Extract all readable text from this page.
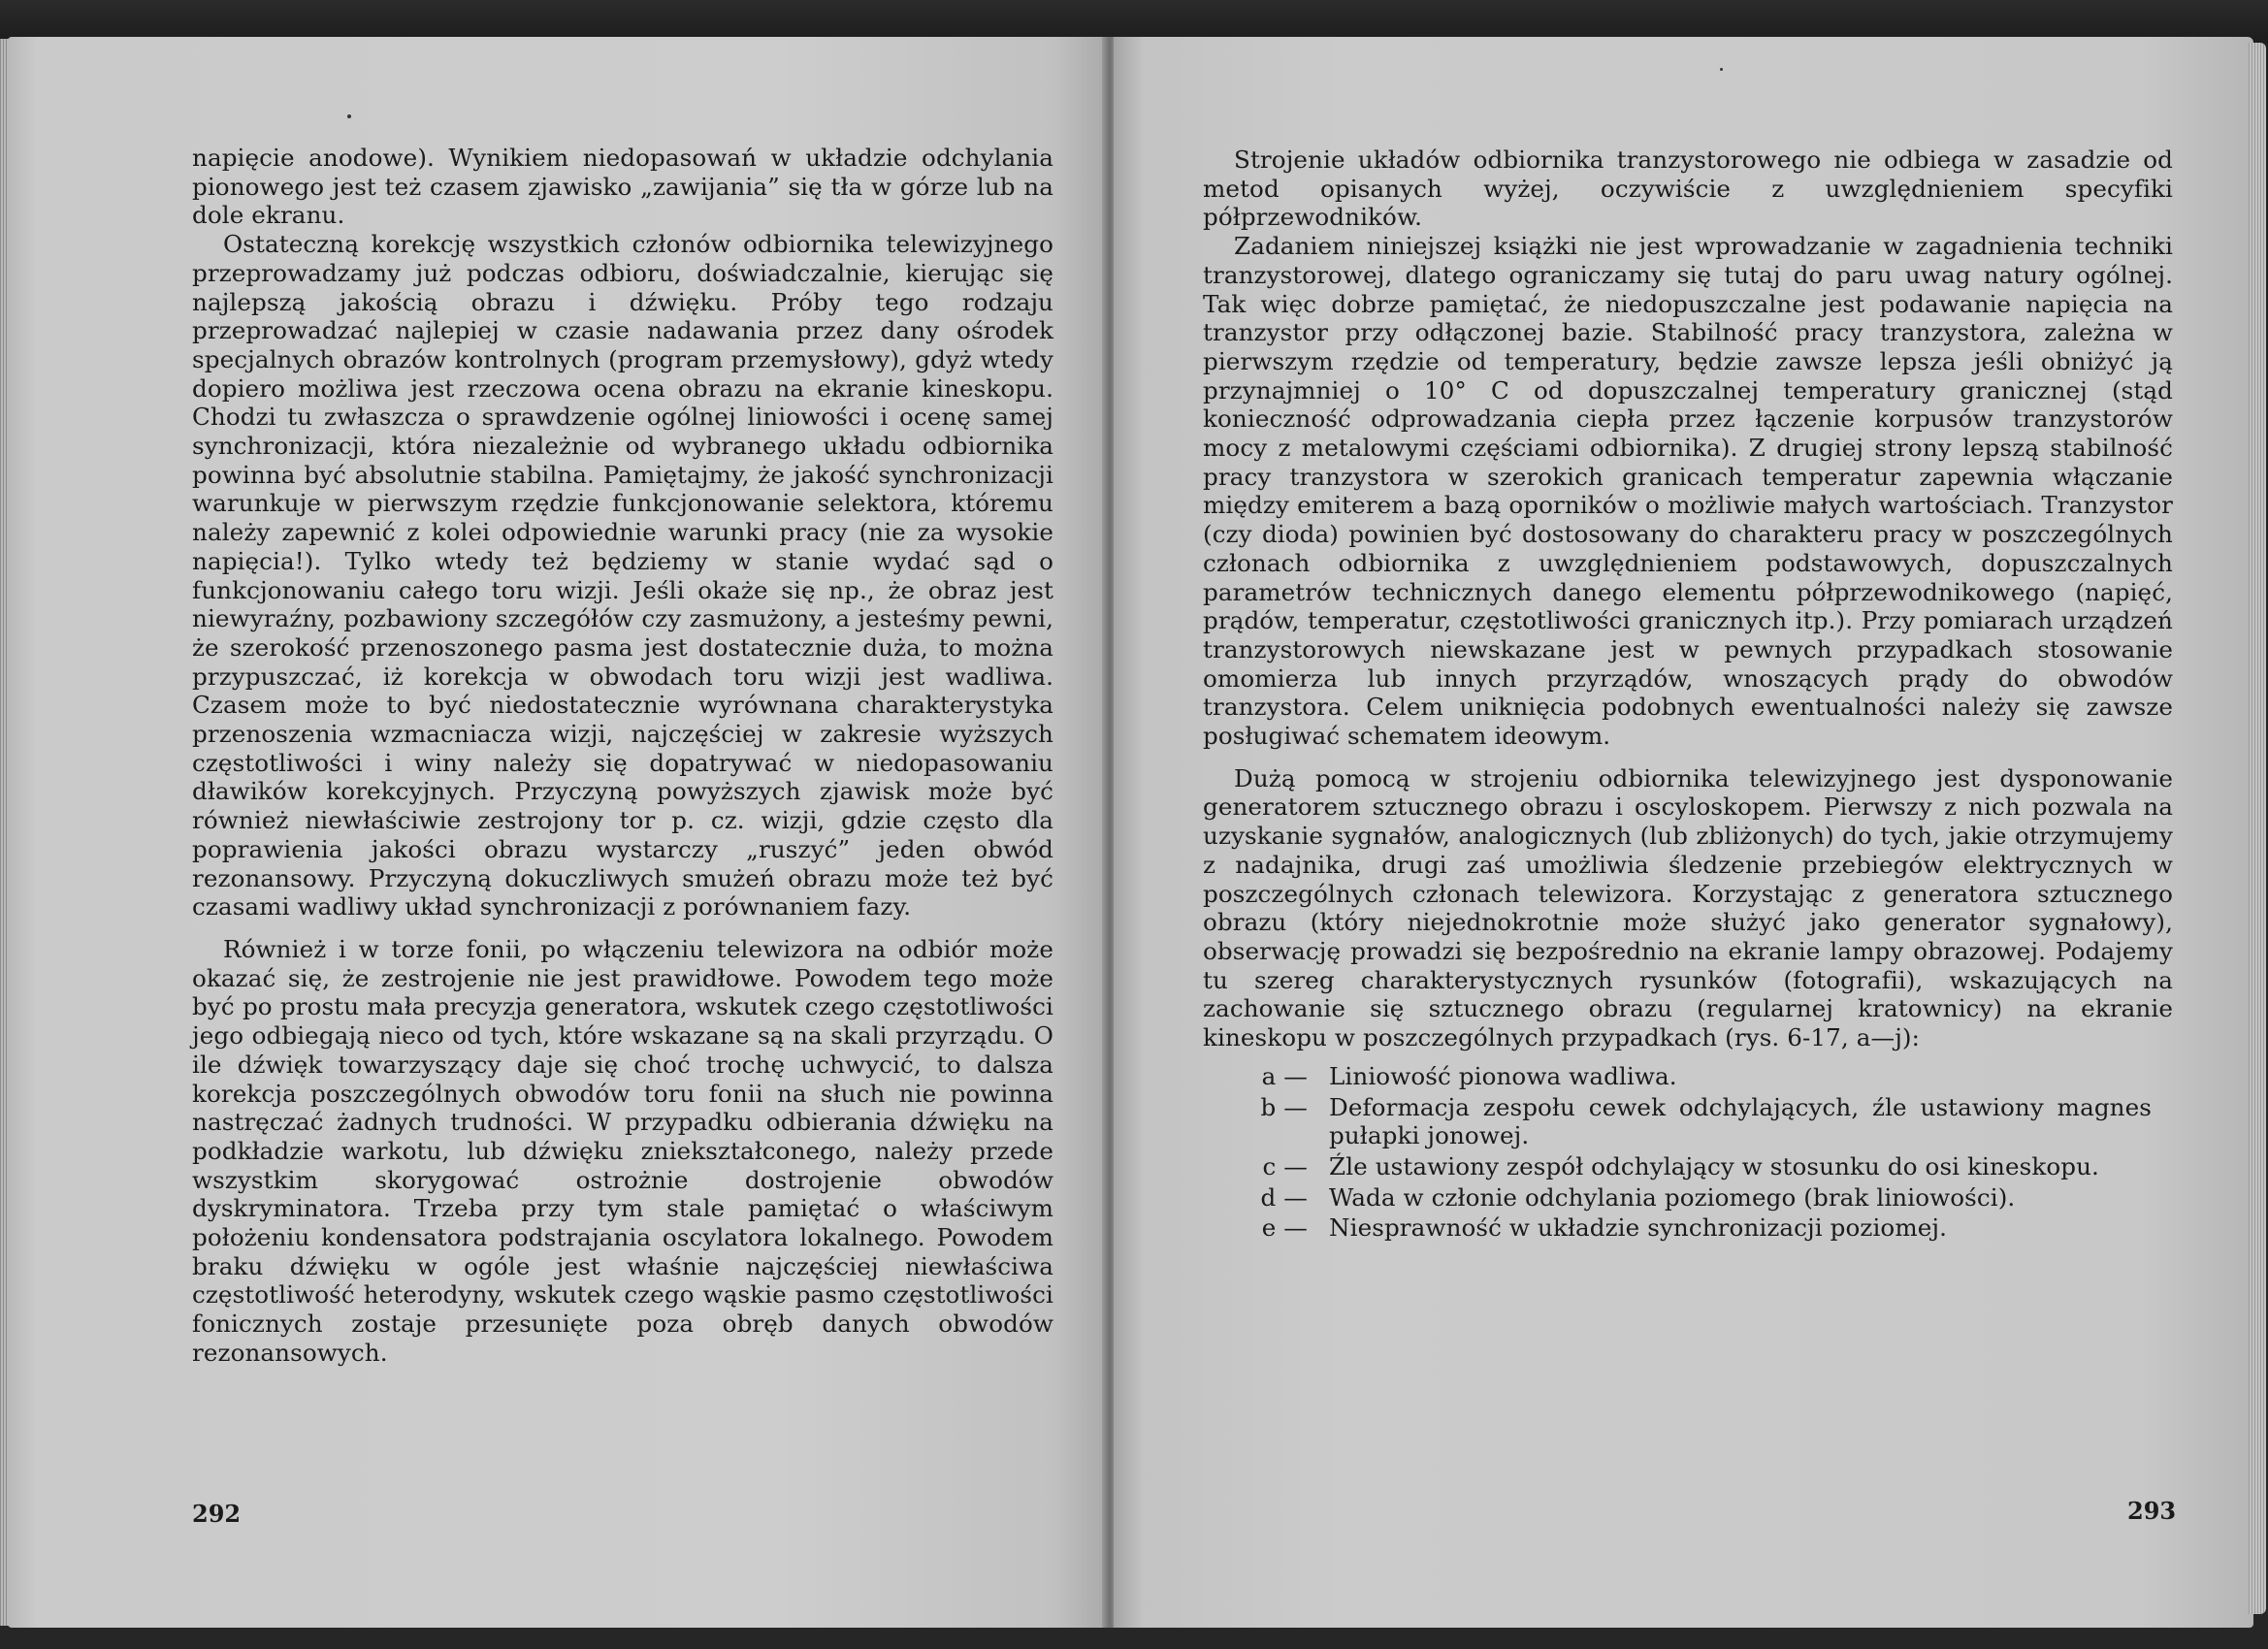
napięcie anodowe). Wynikiem niedopasowań w układzie odchylania pionowego jest też czasem zjawisko „zawijania” się tła w górze lub na dole ekranu.

Ostateczną korekcję wszystkich członów odbiornika telewizyjnego przeprowadzamy już podczas odbioru, doświadczalnie, kierując się najlepszą jakością obrazu i dźwięku. Próby tego rodzaju przeprowadzać najlepiej w czasie nadawania przez dany ośrodek specjalnych obrazów kontrolnych (program przemysłowy), gdyż wtedy dopiero możliwa jest rzeczowa ocena obrazu na ekranie kineskopu. Chodzi tu zwłaszcza o sprawdzenie ogólnej liniowości i ocenę samej synchronizacji, która niezależnie od wybranego układu odbiornika powinna być absolutnie stabilna. Pamiętajmy, że jakość synchronizacji warunkuje w pierwszym rzędzie funkcjonowanie selektora, któremu należy zapewnić z kolei odpowiednie warunki pracy (nie za wysokie napięcia!). Tylko wtedy też będziemy w stanie wydać sąd o funkcjonowaniu całego toru wizji. Jeśli okaże się np., że obraz jest niewyraźny, pozbawiony szczegółów czy zasmużony, a jesteśmy pewni, że szerokość przenoszonego pasma jest dostatecznie duża, to można przypuszczać, iż korekcja w obwodach toru wizji jest wadliwa. Czasem może to być niedostatecznie wyrównana charakterystyka przenoszenia wzmacniacza wizji, najczęściej w zakresie wyższych częstotliwości i winy należy się dopatrywać w niedopasowaniu dławików korekcyjnych. Przyczyną powyższych zjawisk może być również niewłaściwie zestrojony tor p. cz. wizji, gdzie często dla poprawienia jakości obrazu wystarczy „ruszyć” jeden obwód rezonansowy. Przyczyną dokuczliwych smużeń obrazu może też być czasami wadliwy układ synchronizacji z porównaniem fazy.

Również i w torze fonii, po włączeniu telewizora na odbiór może okazać się, że zestrojenie nie jest prawidłowe. Powodem tego może być po prostu mała precyzja generatora, wskutek czego częstotliwości jego odbiegają nieco od tych, które wskazane są na skali przyrządu. O ile dźwięk towarzyszący daje się choć trochę uchwycić, to dalsza korekcja poszczególnych obwodów toru fonii na słuch nie powinna nastręczać żadnych trudności. W przypadku odbierania dźwięku na podkładzie warkotu, lub dźwięku zniekształconego, należy przede wszystkim skorygować ostrożnie dostrojenie obwodów dyskryminatora. Trzeba przy tym stale pamiętać o właściwym położeniu kondensatora podstrajania oscylatora lokalnego. Powodem braku dźwięku w ogóle jest właśnie najczęściej niewłaściwa częstotliwość heterodyny, wskutek czego wąskie pasmo częstotliwości fonicznych zostaje przesunięte poza obręb danych obwodów rezonansowych.

292

Strojenie układów odbiornika tranzystorowego nie odbiega w zasadzie od metod opisanych wyżej, oczywiście z uwzględnieniem specyfiki półprzewodników.

Zadaniem niniejszej książki nie jest wprowadzanie w zagadnienia techniki tranzystorowej, dlatego ograniczamy się tutaj do paru uwag natury ogólnej. Tak więc dobrze pamiętać, że niedopuszczalne jest podawanie napięcia na tranzystor przy odłączonej bazie. Stabilność pracy tranzystora, zależna w pierwszym rzędzie od temperatury, będzie zawsze lepsza jeśli obniżyć ją przynajmniej o 10° C od dopuszczalnej temperatury granicznej (stąd konieczność odprowadzania ciepła przez łączenie korpusów tranzystorów mocy z metalowymi częściami odbiornika). Z drugiej strony lepszą stabilność pracy tranzystora w szerokich granicach temperatur zapewnia włączanie między emiterem a bazą oporników o możliwie małych wartościach. Tranzystor (czy dioda) powinien być dostosowany do charakteru pracy w poszczególnych członach odbiornika z uwzględnieniem podstawowych, dopuszczalnych parametrów technicznych danego elementu półprzewodnikowego (napięć, prądów, temperatur, częstotliwości granicznych itp.). Przy pomiarach urządzeń tranzystorowych niewskazane jest w pewnych przypadkach stosowanie omomierza lub innych przyrządów, wnoszących prądy do obwodów tranzystora. Celem uniknięcia podobnych ewentualności należy się zawsze posługiwać schematem ideowym.

Dużą pomocą w strojeniu odbiornika telewizyjnego jest dysponowanie generatorem sztucznego obrazu i oscyloskopem. Pierwszy z nich pozwala na uzyskanie sygnałów, analogicznych (lub zbliżonych) do tych, jakie otrzymujemy z nadajnika, drugi zaś umożliwia śledzenie przebiegów elektrycznych w poszczególnych członach telewizora. Korzystając z generatora sztucznego obrazu (który niejednokrotnie może służyć jako generator sygnałowy), obserwację prowadzi się bezpośrednio na ekranie lampy obrazowej. Podajemy tu szereg charakterystycznych rysunków (fotografii), wskazujących na zachowanie się sztucznego obrazu (regularnej kratownicy) na ekranie kineskopu w poszczególnych przypadkach (rys. 6-17, a—j):

a — Liniowość pionowa wadliwa.
b — Deformacja zespołu cewek odchylających, źle ustawiony magnes pułapki jonowej.
c — Źle ustawiony zespół odchylający w stosunku do osi kineskopu.
d — Wada w członie odchylania poziomego (brak liniowości).
e — Niesprawność w układzie synchronizacji poziomej.
293
